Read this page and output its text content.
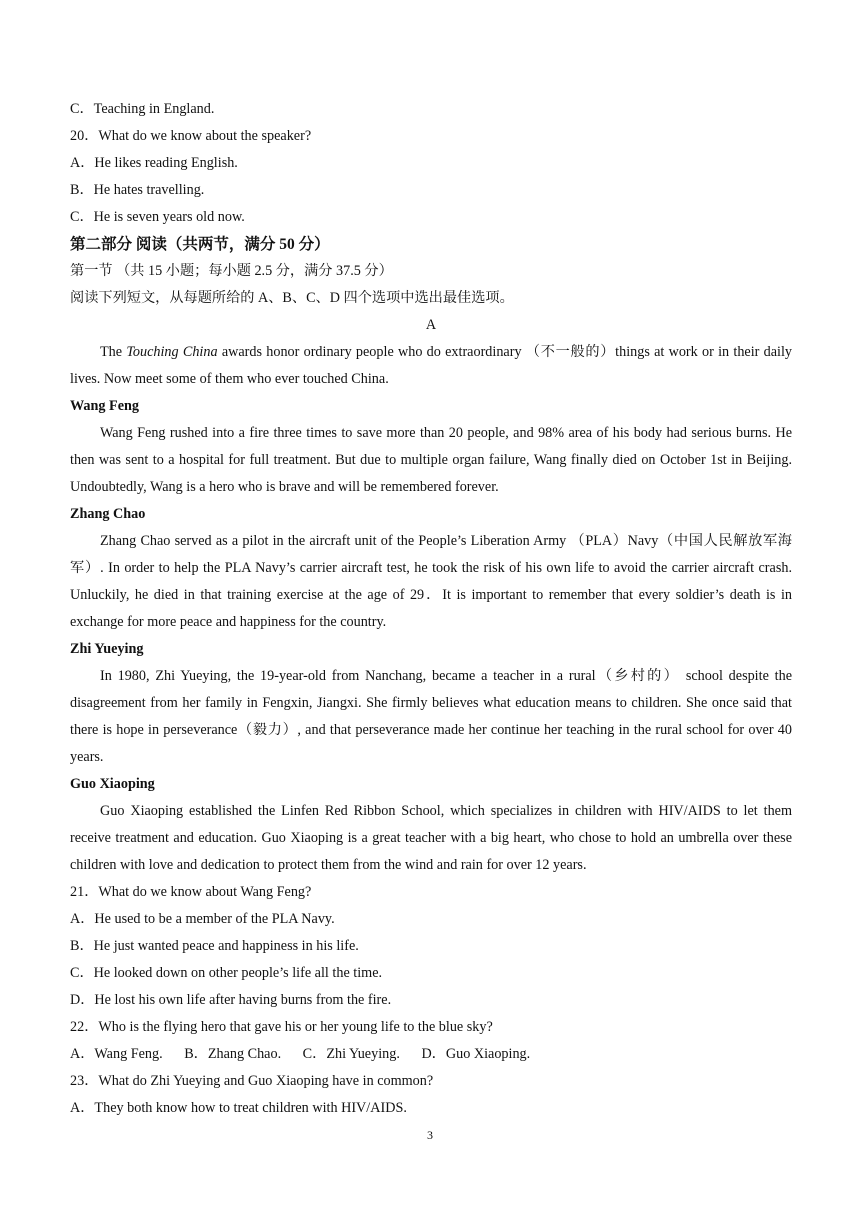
C．Teaching in England.
20．What do we know about the speaker?
A．He likes reading English.
B．He hates travelling.
C．He is seven years old now.
第二部分 阅读（共两节，满分 50 分）
第一节 （共 15 小题；每小题 2.5 分，满分 37.5 分）
阅读下列短文，从每题所给的 A、B、C、D 四个选项中选出最佳选项。
A

The Touching China awards honor ordinary people who do extraordinary （不一般的）things at work or in their daily lives. Now meet some of them who ever touched China.

Wang Feng

Wang Feng rushed into a fire three times to save more than 20 people, and 98% area of his body had serious burns. He then was sent to a hospital for full treatment. But due to multiple organ failure, Wang finally died on October 1st in Beijing. Undoubtedly, Wang is a hero who is brave and will be remembered forever.

Zhang Chao

Zhang Chao served as a pilot in the aircraft unit of the People’s Liberation Army （PLA）Navy（中国人民解放军海军）. In order to help the PLA Navy’s carrier aircraft test, he took the risk of his own life to avoid the carrier aircraft crash. Unluckily, he died in that training exercise at the age of 29．It is important to remember that every soldier’s death is in exchange for more peace and happiness for the country.

Zhi Yueying

In 1980, Zhi Yueying, the 19-year-old from Nanchang, became a teacher in a rural（乡村的） school despite the disagreement from her family in Fengxin, Jiangxi. She firmly believes what education means to children. She once said that there is hope in perseverance（毅力）, and that perseverance made her continue her teaching in the rural school for over 40 years.

Guo Xiaoping

Guo Xiaoping established the Linfen Red Ribbon School, which specializes in children with HIV/AIDS to let them receive treatment and education. Guo Xiaoping is a great teacher with a big heart, who chose to hold an umbrella over these children with love and dedication to protect them from the wind and rain for over 12 years.

21．What do we know about Wang Feng?
A．He used to be a member of the PLA Navy.
B．He just wanted peace and happiness in his life.
C．He looked down on other people’s life all the time.
D．He lost his own life after having burns from the fire.
22．Who is the flying hero that gave his or her young life to the blue sky?
A．Wang Feng. B．Zhang Chao. C．Zhi Yueying. D．Guo Xiaoping.
23．What do Zhi Yueying and Guo Xiaoping have in common?
A．They both know how to treat children with HIV/AIDS.
3
